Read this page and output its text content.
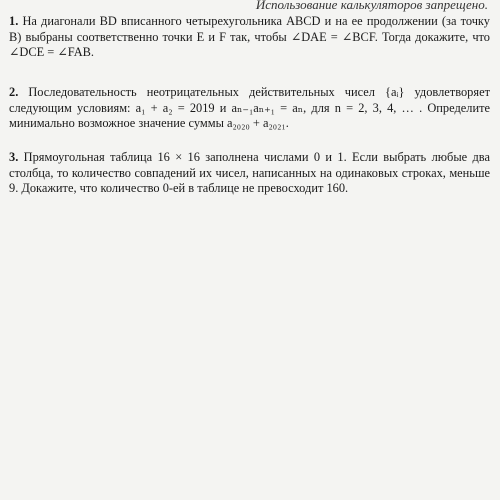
Использование калькуляторов запрещено.
1. На диагонали BD вписанного четырехугольника ABCD и на ее продолжении (за точку B) выбраны соответственно точки E и F так, чтобы ∠DAE = ∠BCF. Тогда докажите, что ∠DCE = ∠FAB.
2. Последовательность неотрицательных действительных чисел {aᵢ} удовлетворяет следующим условиям: a₁ + a₂ = 2019 и aₙ₋₁aₙ₊₁ = aₙ, для n = 2, 3, 4, … . Определите минимально возможное значение суммы a₂₀₂₀ + a₂₀₂₁.
3. Прямоугольная таблица 16 × 16 заполнена числами 0 и 1. Если выбрать любые два столбца, то количество совпадений их чисел, написанных на одинаковых строках, меньше 9. Докажите, что количество 0-ей в таблице не превосходит 160.
